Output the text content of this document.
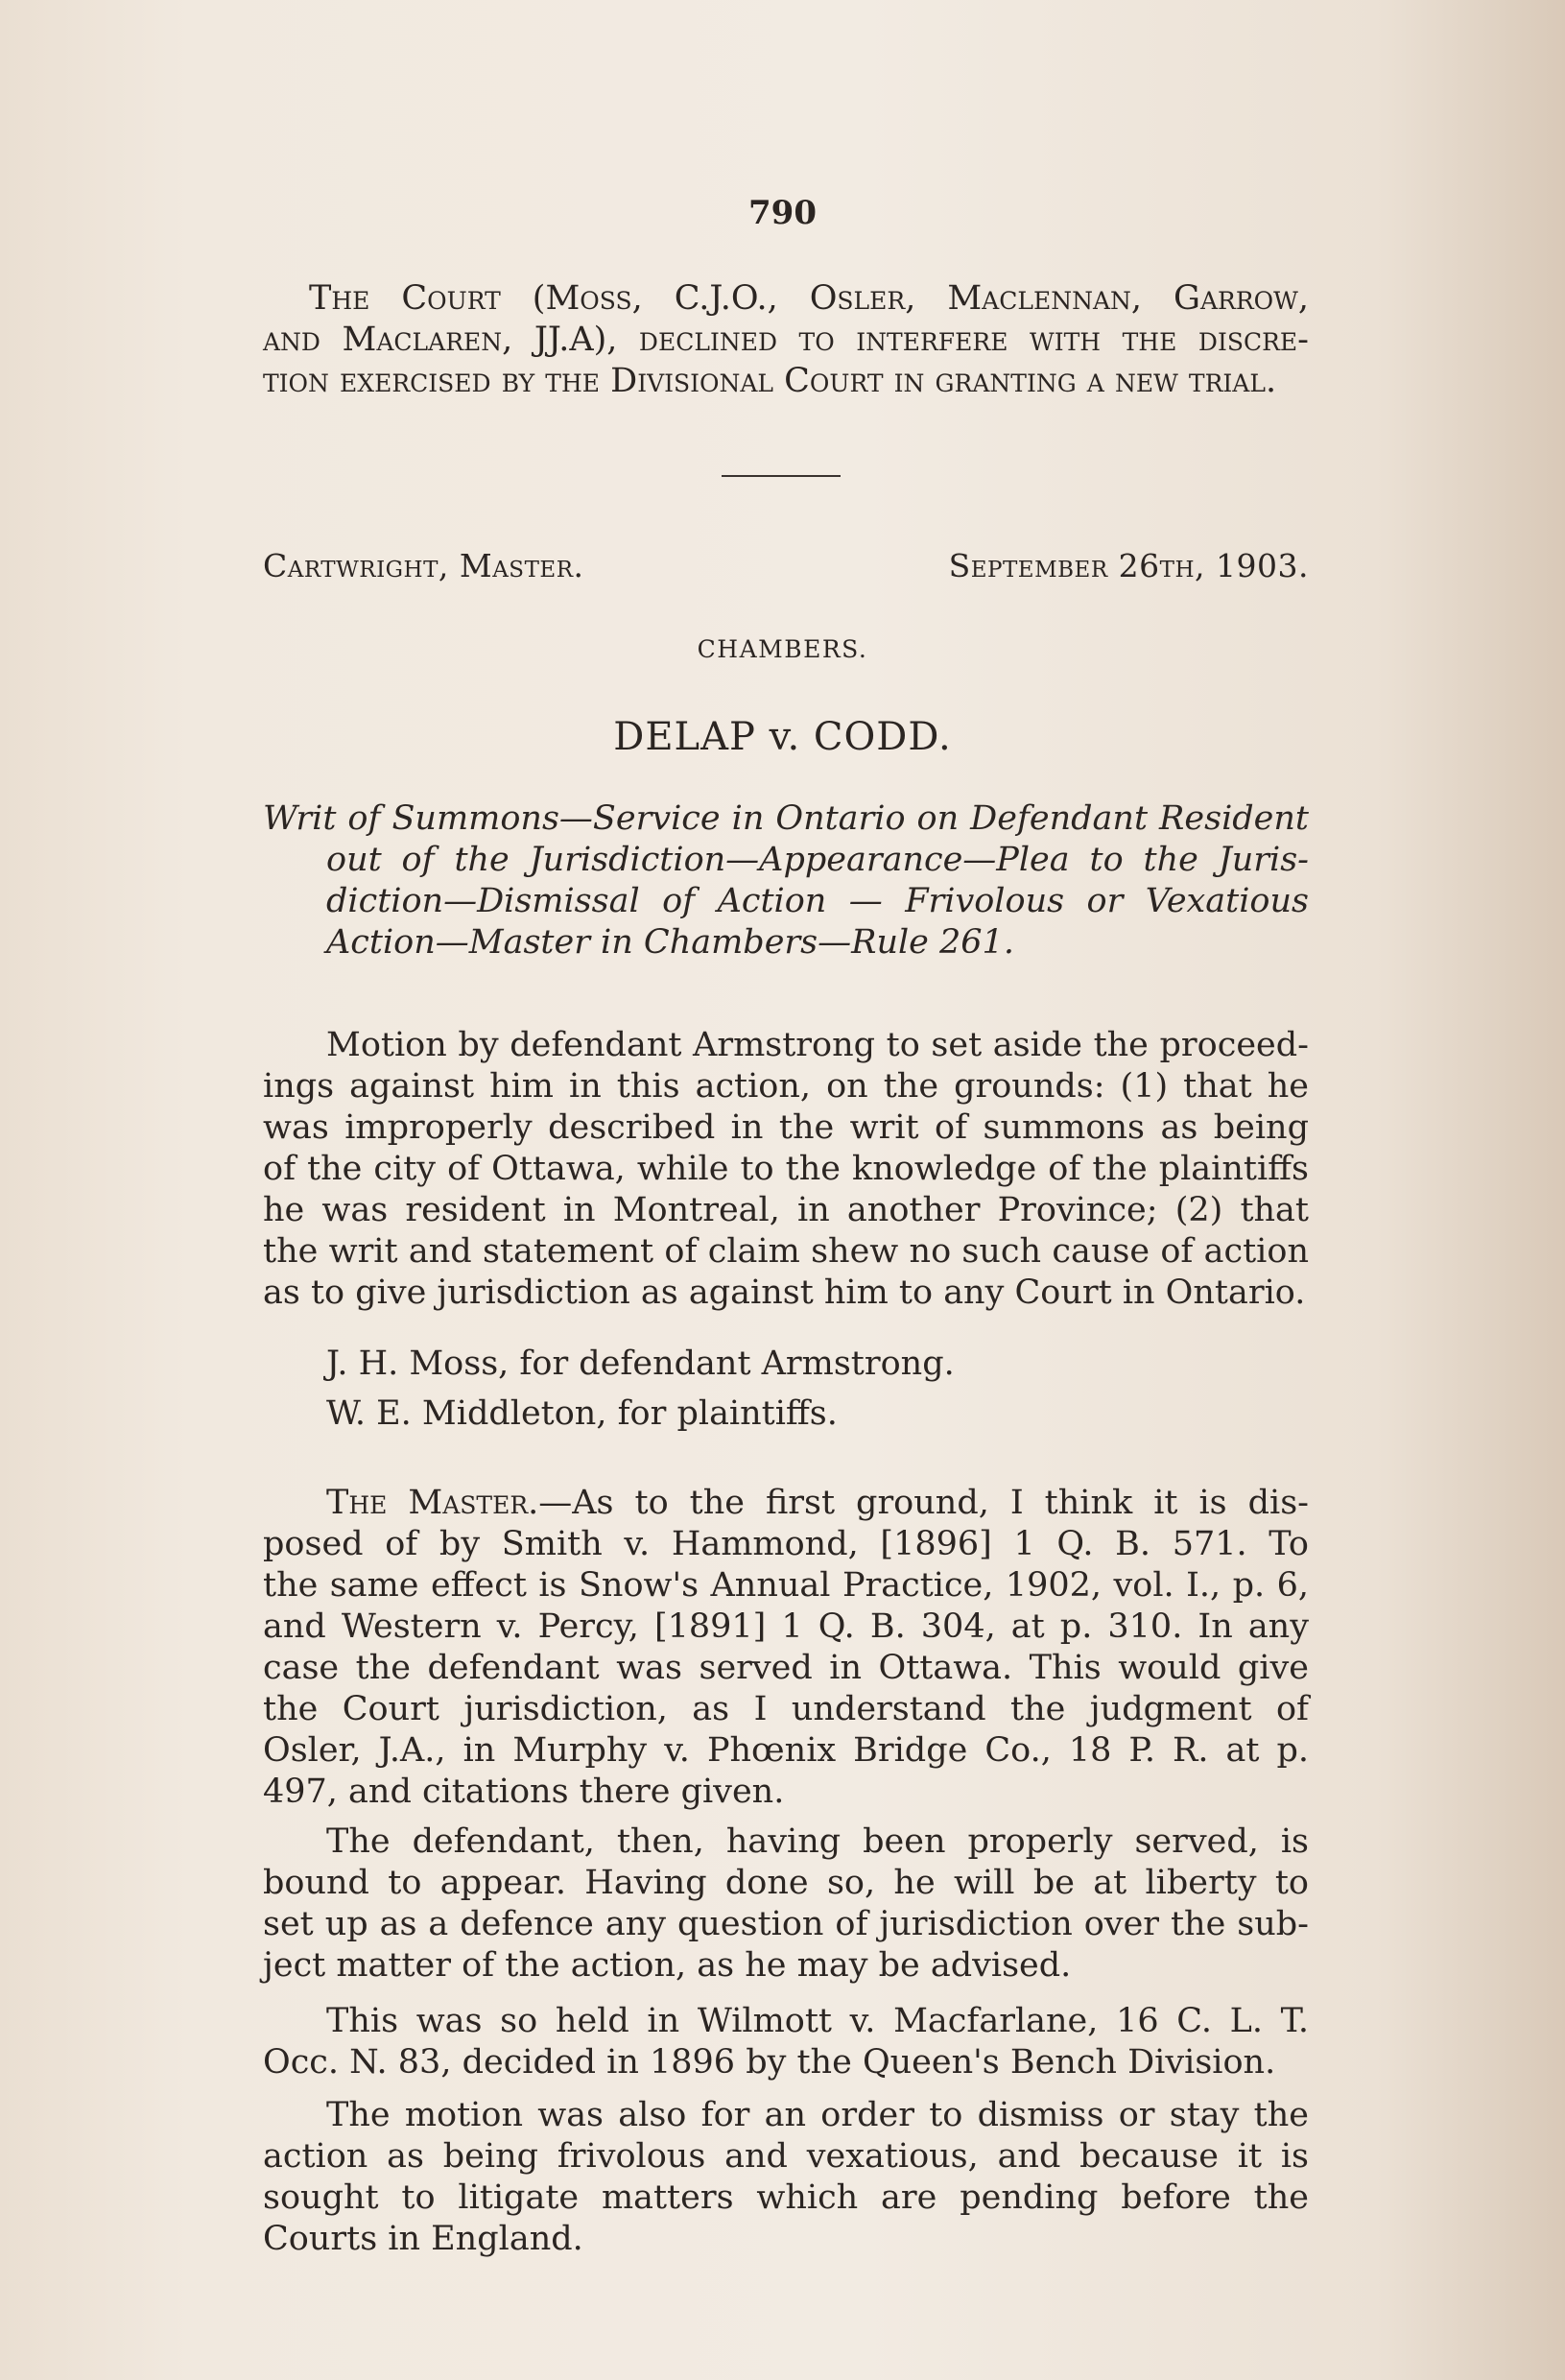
790
The Court (Moss, C.J.O., Osler, Maclennan, Garrow,
and Maclaren, JJ.A), declined to interfere with the discre-
tion exercised by the Divisional Court in granting a new trial.
Cartwright, Master.	September 26th, 1903.
CHAMBERS.
DELAP v. CODD.
Writ of Summons—Service in Ontario on Defendant Resident
out of the Jurisdiction—Appearance—Plea to the Juris-
diction—Dismissal of Action — Frivolous or Vexatious
Action—Master in Chambers—Rule 261.
Motion by defendant Armstrong to set aside the proceed-
ings against him in this action, on the grounds: (1) that he
was improperly described in the writ of summons as being
of the city of Ottawa, while to the knowledge of the plaintiffs
he was resident in Montreal, in another Province; (2) that
the writ and statement of claim shew no such cause of action
as to give jurisdiction as against him to any Court in Ontario.
J. H. Moss, for defendant Armstrong.
W. E. Middleton, for plaintiffs.
The Master.—As to the first ground, I think it is dis-
posed of by Smith v. Hammond, [1896] 1 Q. B. 571. To
the same effect is Snow's Annual Practice, 1902, vol. I., p. 6,
and Western v. Percy, [1891] 1 Q. B. 304, at p. 310. In any
case the defendant was served in Ottawa. This would give
the Court jurisdiction, as I understand the judgment of
Osler, J.A., in Murphy v. Phœnix Bridge Co., 18 P. R. at p.
497, and citations there given.
The defendant, then, having been properly served, is
bound to appear. Having done so, he will be at liberty to
set up as a defence any question of jurisdiction over the sub-
ject matter of the action, as he may be advised.
This was so held in Wilmott v. Macfarlane, 16 C. L. T.
Occ. N. 83, decided in 1896 by the Queen's Bench Division.
The motion was also for an order to dismiss or stay the
action as being frivolous and vexatious, and because it is
sought to litigate matters which are pending before the
Courts in England.
